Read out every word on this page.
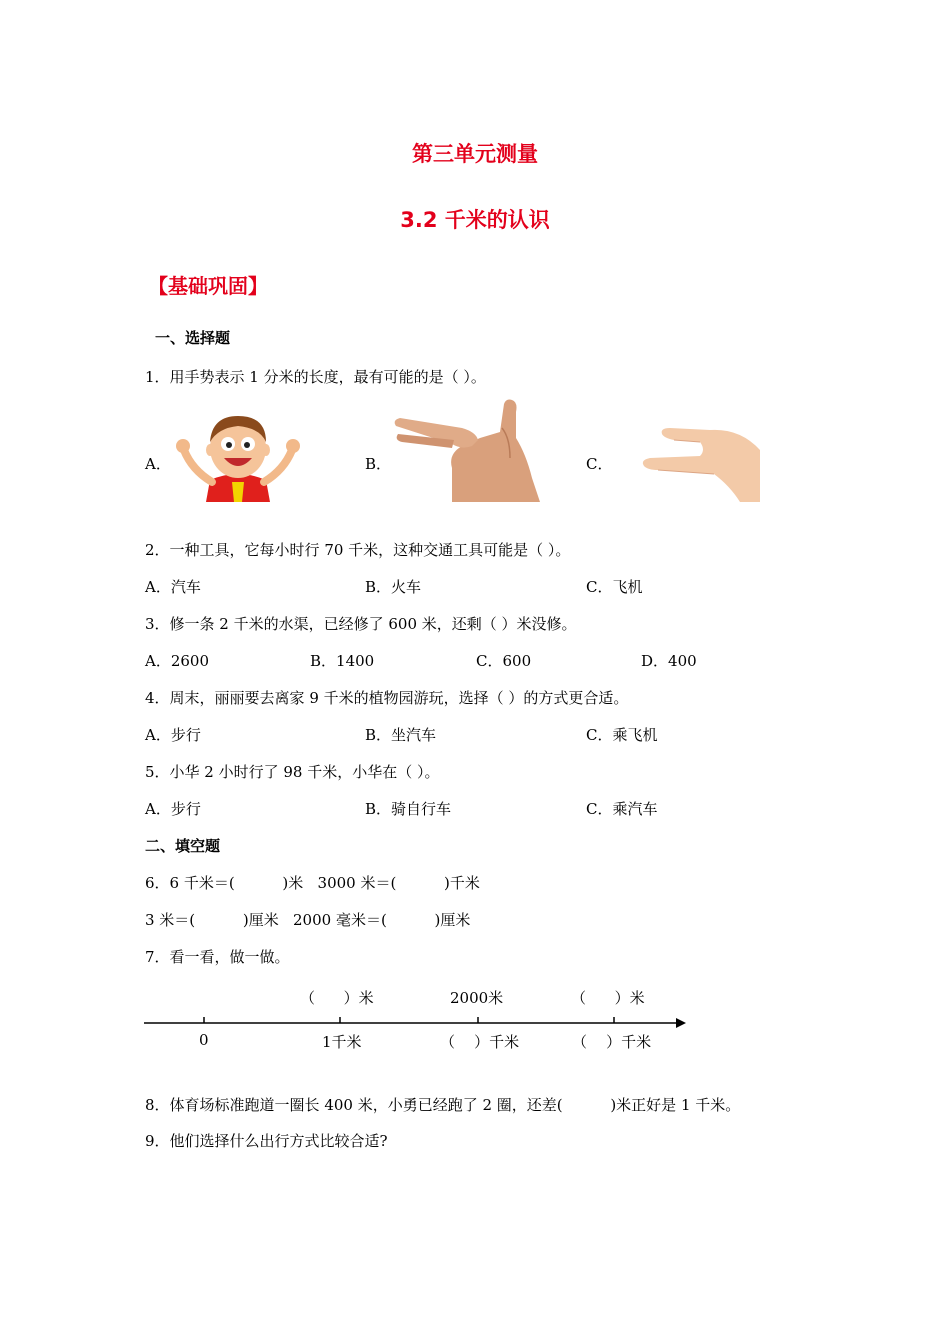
第三单元测量
3.2 千米的认识
【基础巩固】
一、选择题
1．用手势表示 1 分米的长度，最有可能的是（ ）。
A．	B．	C．
2．一种工具，它每小时行 70 千米，这种交通工具可能是（ ）。
A．汽车	B．火车	C．飞机
3．修一条 2 千米的水渠，已经修了 600 米，还剩（ ）米没修。
A．2600	B．1400	C．600	D．400
4．周末，丽丽要去离家 9 千米的植物园游玩，选择（ ）的方式更合适。
A．步行	B．坐汽车	C．乘飞机
5．小华 2 小时行了 98 千米，小华在（ ）。
A．步行	B．骑自行车	C．乘汽车
二、填空题
6．6 千米＝(          )米   3000 米＝(          )千米
3 米＝(          )厘米   2000 毫米＝(          )厘米
7．看一看，做一做。
（      ）米	2000米	（      ）米
0	1千米	（    ）千米	（    ）千米
8．体育场标准跑道一圈长 400 米，小勇已经跑了 2 圈，还差(          )米正好是 1 千米。
9．他们选择什么出行方式比较合适?
